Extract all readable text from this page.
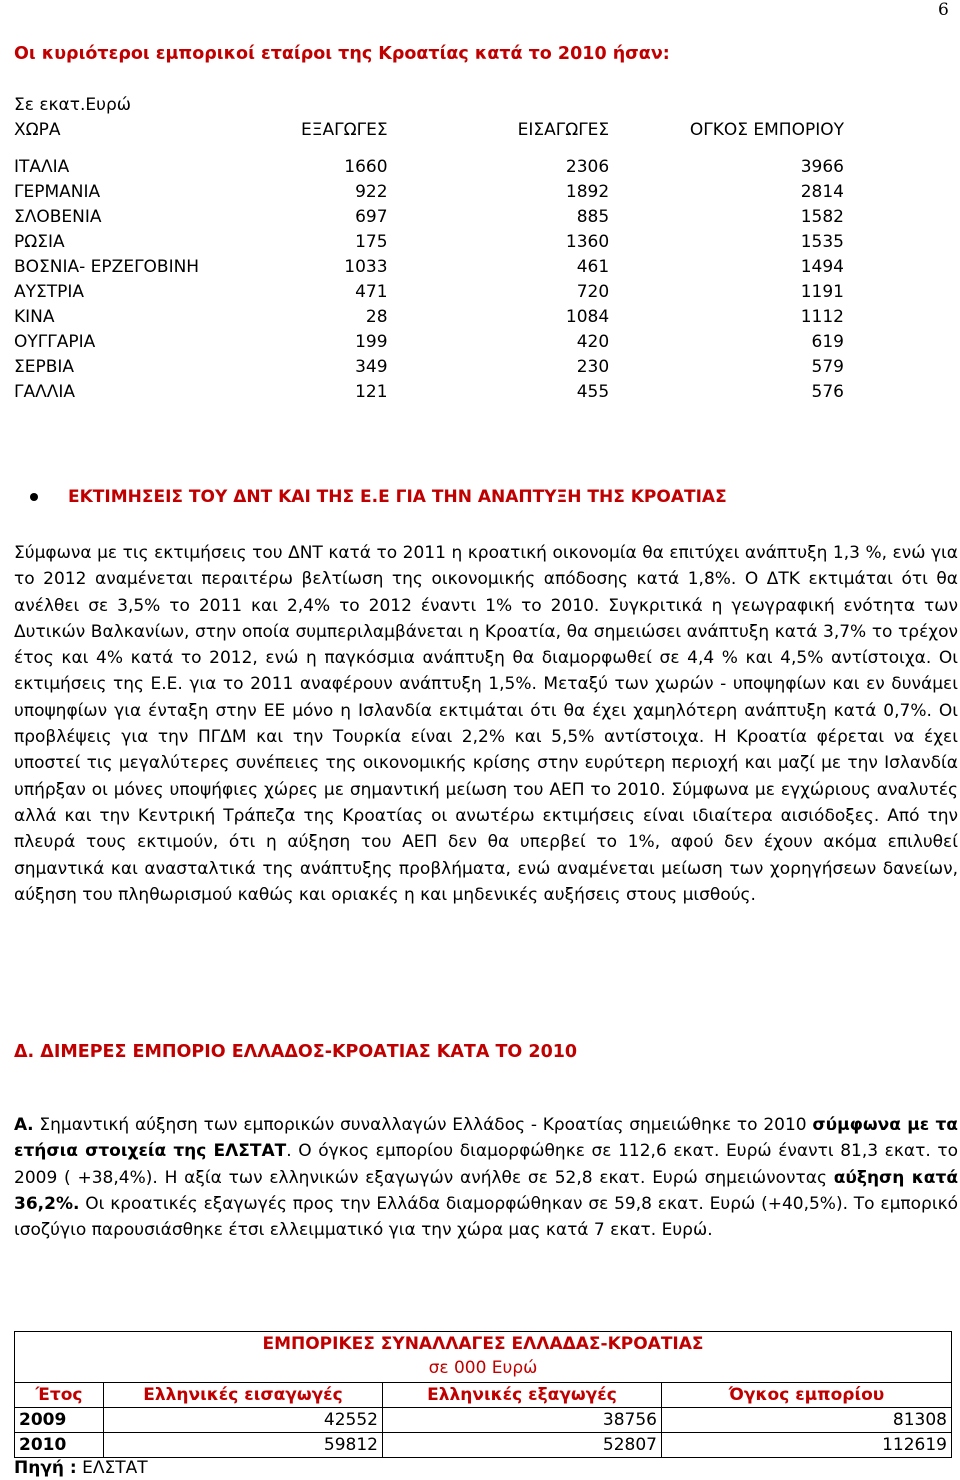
6
Οι κυριότεροι εμπορικοί εταίροι της Κροατίας κατά το 2010 ήσαν:
Σε εκατ.Ευρώ
ΧΩΡΑ	ΕΞΑΓΩΓΕΣ	ΕΙΣΑΓΩΓΕΣ	ΟΓΚΟΣ ΕΜΠΟΡΙΟΥ
ΙΤΑΛΙΑ	1660	2306	3966
ΓΕΡΜΑΝΙΑ	922	1892	2814
ΣΛΟΒΕΝΙΑ	697	885	1582
ΡΩΣΙΑ	175	1360	1535
ΒΟΣΝΙΑ- ΕΡΖΕΓΟΒΙΝΗ	1033	461	1494
ΑΥΣΤΡΙΑ	471	720	1191
ΚΙΝΑ	28	1084	1112
ΟΥΓΓΑΡΙΑ	199	420	619
ΣΕΡΒΙΑ	349	230	579
ΓΑΛΛΙΑ	121	455	576
ΕΚΤΙΜΗΣΕΙΣ ΤΟΥ ΔΝΤ ΚΑΙ ΤΗΣ Ε.Ε ΓΙΑ ΤΗΝ ΑΝΑΠΤΥΞΗ ΤΗΣ ΚΡΟΑΤΙΑΣ
Σύμφωνα με τις εκτιμήσεις του ΔΝΤ κατά το 2011 η κροατική οικονομία θα επιτύχει ανάπτυξη 1,3 %, ενώ για το 2012 αναμένεται περαιτέρω βελτίωση της οικονομικής απόδοσης κατά 1,8%. Ο ΔΤΚ εκτιμάται ότι θα ανέλθει σε 3,5% το 2011 και 2,4% το 2012 έναντι 1% το 2010. Συγκριτικά η γεωγραφική ενότητα των Δυτικών Βαλκανίων, στην οποία συμπεριλαμβάνεται η Κροατία, θα σημειώσει ανάπτυξη κατά 3,7% το τρέχον έτος και 4% κατά το 2012, ενώ η παγκόσμια ανάπτυξη θα διαμορφωθεί σε 4,4 % και 4,5% αντίστοιχα. Οι εκτιμήσεις της Ε.Ε. για το 2011 αναφέρουν ανάπτυξη 1,5%. Μεταξύ των χωρών - υποψηφίων και εν δυνάμει υποψηφίων για ένταξη στην ΕΕ μόνο η Ισλανδία εκτιμάται ότι θα έχει χαμηλότερη ανάπτυξη κατά 0,7%. Οι προβλέψεις για την ΠΓΔΜ και την Τουρκία είναι 2,2% και 5,5% αντίστοιχα. Η Κροατία φέρεται να έχει υποστεί τις μεγαλύτερες συνέπειες της οικονομικής κρίσης στην ευρύτερη περιοχή και μαζί με την Ισλανδία υπήρξαν οι μόνες υποψήφιες χώρες με σημαντική μείωση του ΑΕΠ το 2010. Σύμφωνα με εγχώριους αναλυτές αλλά και την Κεντρική Τράπεζα της Κροατίας οι ανωτέρω εκτιμήσεις είναι ιδιαίτερα αισιόδοξες. Από την πλευρά τους εκτιμούν, ότι η αύξηση του ΑΕΠ δεν θα υπερβεί το 1%, αφού δεν έχουν ακόμα επιλυθεί σημαντικά και ανασταλτικά της ανάπτυξης προβλήματα, ενώ αναμένεται μείωση των χορηγήσεων δανείων, αύξηση του πληθωρισμού καθώς και οριακές η και μηδενικές αυξήσεις στους μισθούς.
Δ. ΔΙΜΕΡΕΣ ΕΜΠΟΡΙΟ ΕΛΛΑΔΟΣ-ΚΡΟΑΤΙΑΣ ΚΑΤΑ ΤΟ 2010
Α. Σημαντική αύξηση των εμπορικών συναλλαγών Ελλάδος - Κροατίας σημειώθηκε το 2010 σύμφωνα με τα ετήσια στοιχεία της ΕΛΣΤΑΤ. Ο όγκος εμπορίου διαμορφώθηκε σε 112,6 εκατ. Ευρώ έναντι 81,3 εκατ. το 2009 ( +38,4%). Η αξία των ελληνικών εξαγωγών ανήλθε σε 52,8 εκατ. Ευρώ σημειώνοντας αύξηση κατά 36,2%. Οι κροατικές εξαγωγές προς την Ελλάδα διαμορφώθηκαν σε 59,8 εκατ. Ευρώ (+40,5%). Το εμπορικό ισοζύγιο παρουσιάσθηκε έτσι ελλειμματικό για την χώρα μας κατά 7 εκατ. Ευρώ.
ΕΜΠΟΡΙΚΕΣ ΣΥΝΑΛΛΑΓΕΣ ΕΛΛΑΔΑΣ-ΚΡΟΑΤΙΑΣ
σε 000 Ευρώ			

Έτος	Ελληνικές εισαγωγές	Ελληνικές εξαγωγές	Όγκος εμπορίου
2009	42552	38756	81308
2010	59812	52807	112619
Πηγή : ΕΛΣΤΑΤ
